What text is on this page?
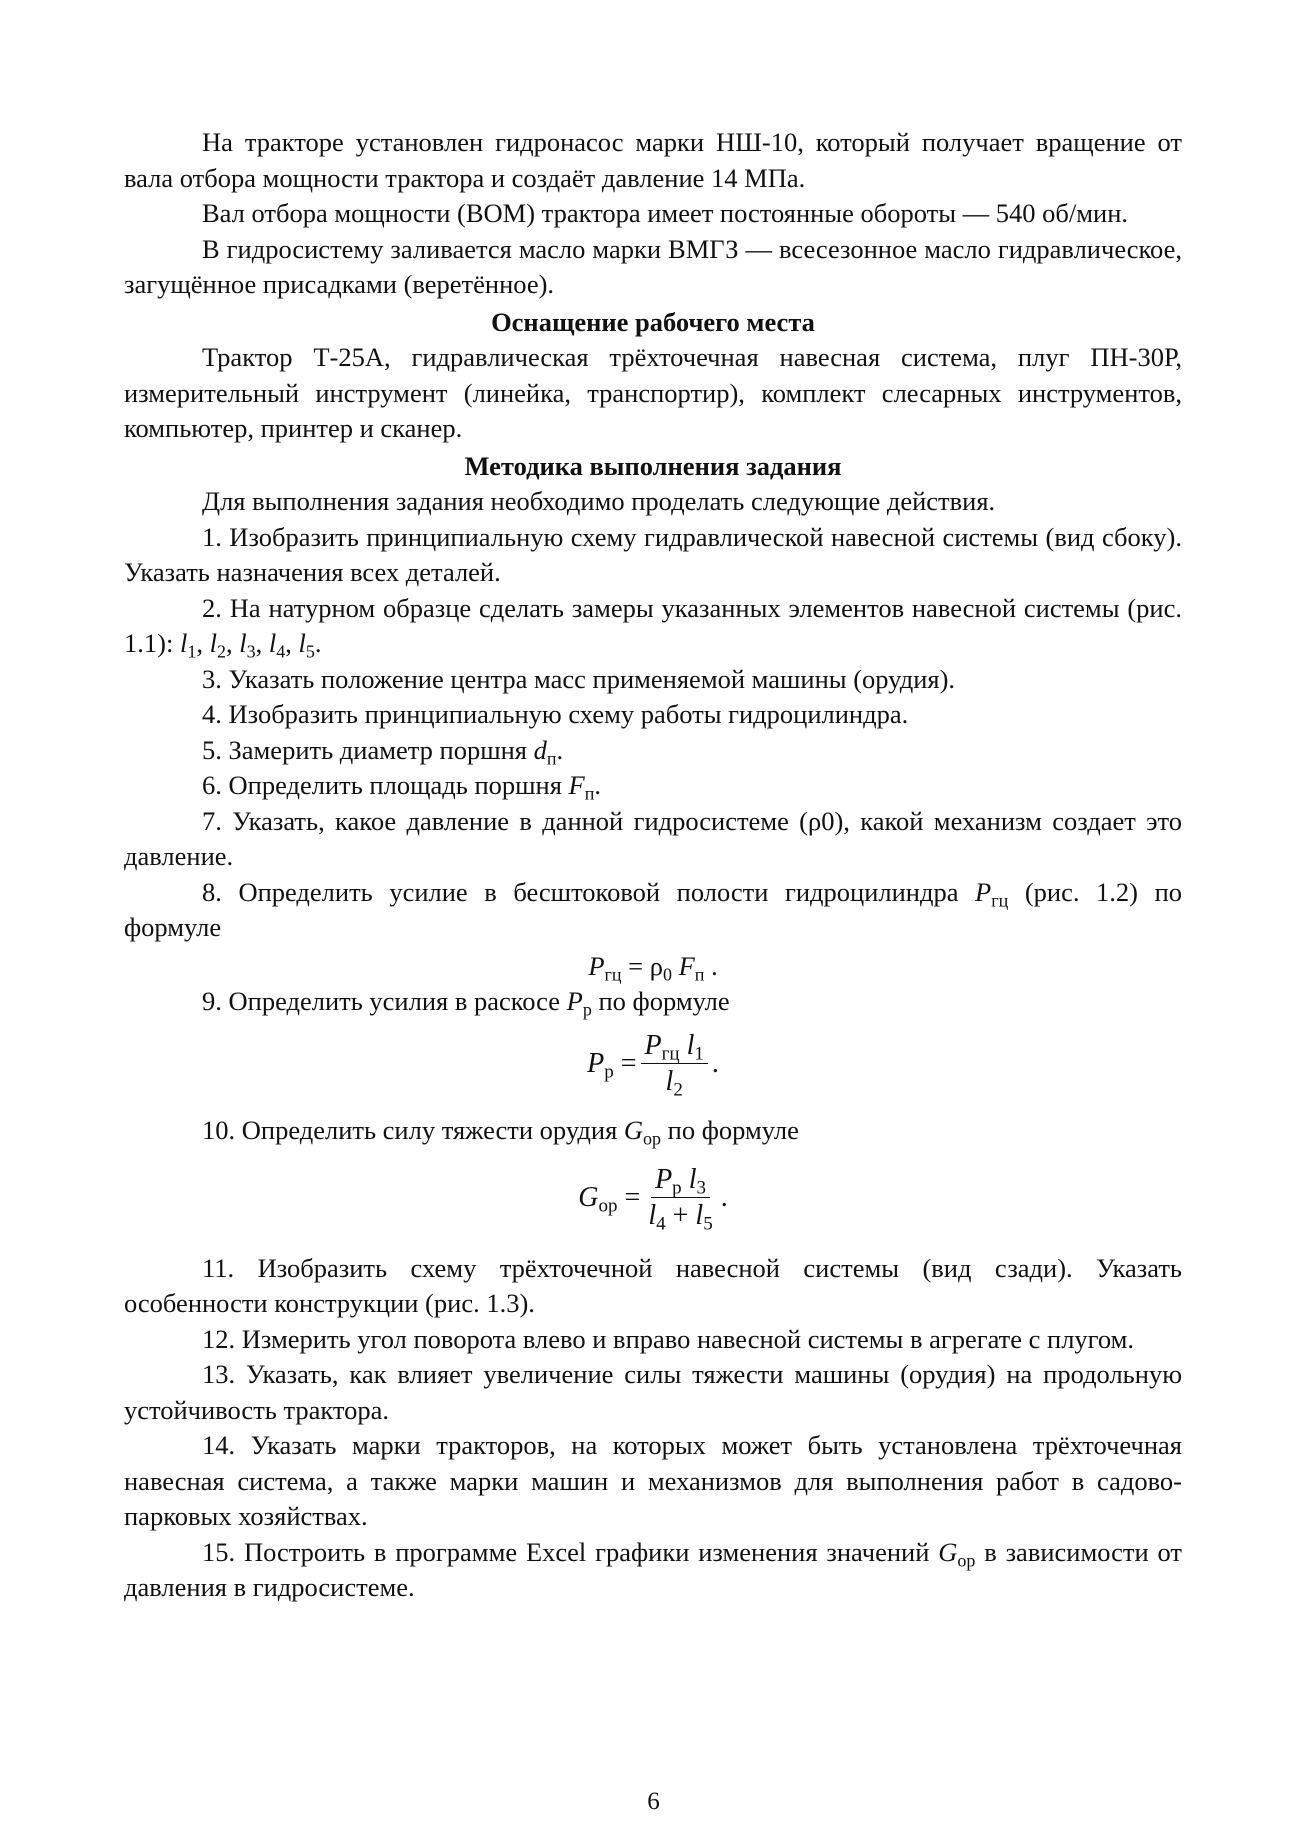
На тракторе установлен гидронасос марки НШ-10, который получает вращение от вала отбора мощности трактора и создаёт давление 14 МПа.

Вал отбора мощности (ВОМ) трактора имеет постоянные обороты — 540 об/мин.

В гидросистему заливается масло марки ВМГЗ — всесезонное масло гидравлическое, загущённое присадками (веретённое).

Оснащение рабочего места

Трактор Т-25А, гидравлическая трёхточечная навесная система, плуг ПН-30Р, измерительный инструмент (линейка, транспортир), комплект слесарных инструментов, компьютер, принтер и сканер.

Методика выполнения задания

Для выполнения задания необходимо проделать следующие действия.

1. Изобразить принципиальную схему гидравлической навесной системы (вид сбоку). Указать назначения всех деталей.

2. На натурном образце сделать замеры указанных элементов навесной системы (рис. 1.1): $l_1$, $l_2$, $l_3$, $l_4$, $l_5$.

3. Указать положение центра масс применяемой машины (орудия).

4. Изобразить принципиальную схему работы гидроцилиндра.

5. Замерить диаметр поршня $d_п$.

6. Определить площадь поршня $F_п$.

7. Указать, какое давление в данной гидросистеме (ρ0), какой механизм создает это давление.

8. Определить усилие в бесштоковой полости гидроцилиндра $P_{гц}$ (рис. 1.2) по формуле

$P_{гц} = \rho_0$ $F_п$ .

9. Определить усилия в раскосе $P_р$ по формуле

$P_р = \frac{P_{гц} l_1}{l_2}$ .

10. Определить силу тяжести орудия $G_{ор}$ по формуле

$G_{ор} = \frac{P_р l_3}{l_4 + l_5}$ .

11. Изобразить схему трёхточечной навесной системы (вид сзади). Указать особенности конструкции (рис. 1.3).

12. Измерить угол поворота влево и вправо навесной системы в агрегате с плугом.

13. Указать, как влияет увеличение силы тяжести машины (орудия) на продольную устойчивость трактора.

14. Указать марки тракторов, на которых может быть установлена трёхточечная навесная система, а также марки машин и механизмов для выполнения работ в садово-парковых хозяйствах.

15. Построить в программе Excel графики изменения значений $G_{ор}$ в зависимости от давления в гидросистеме.

6
